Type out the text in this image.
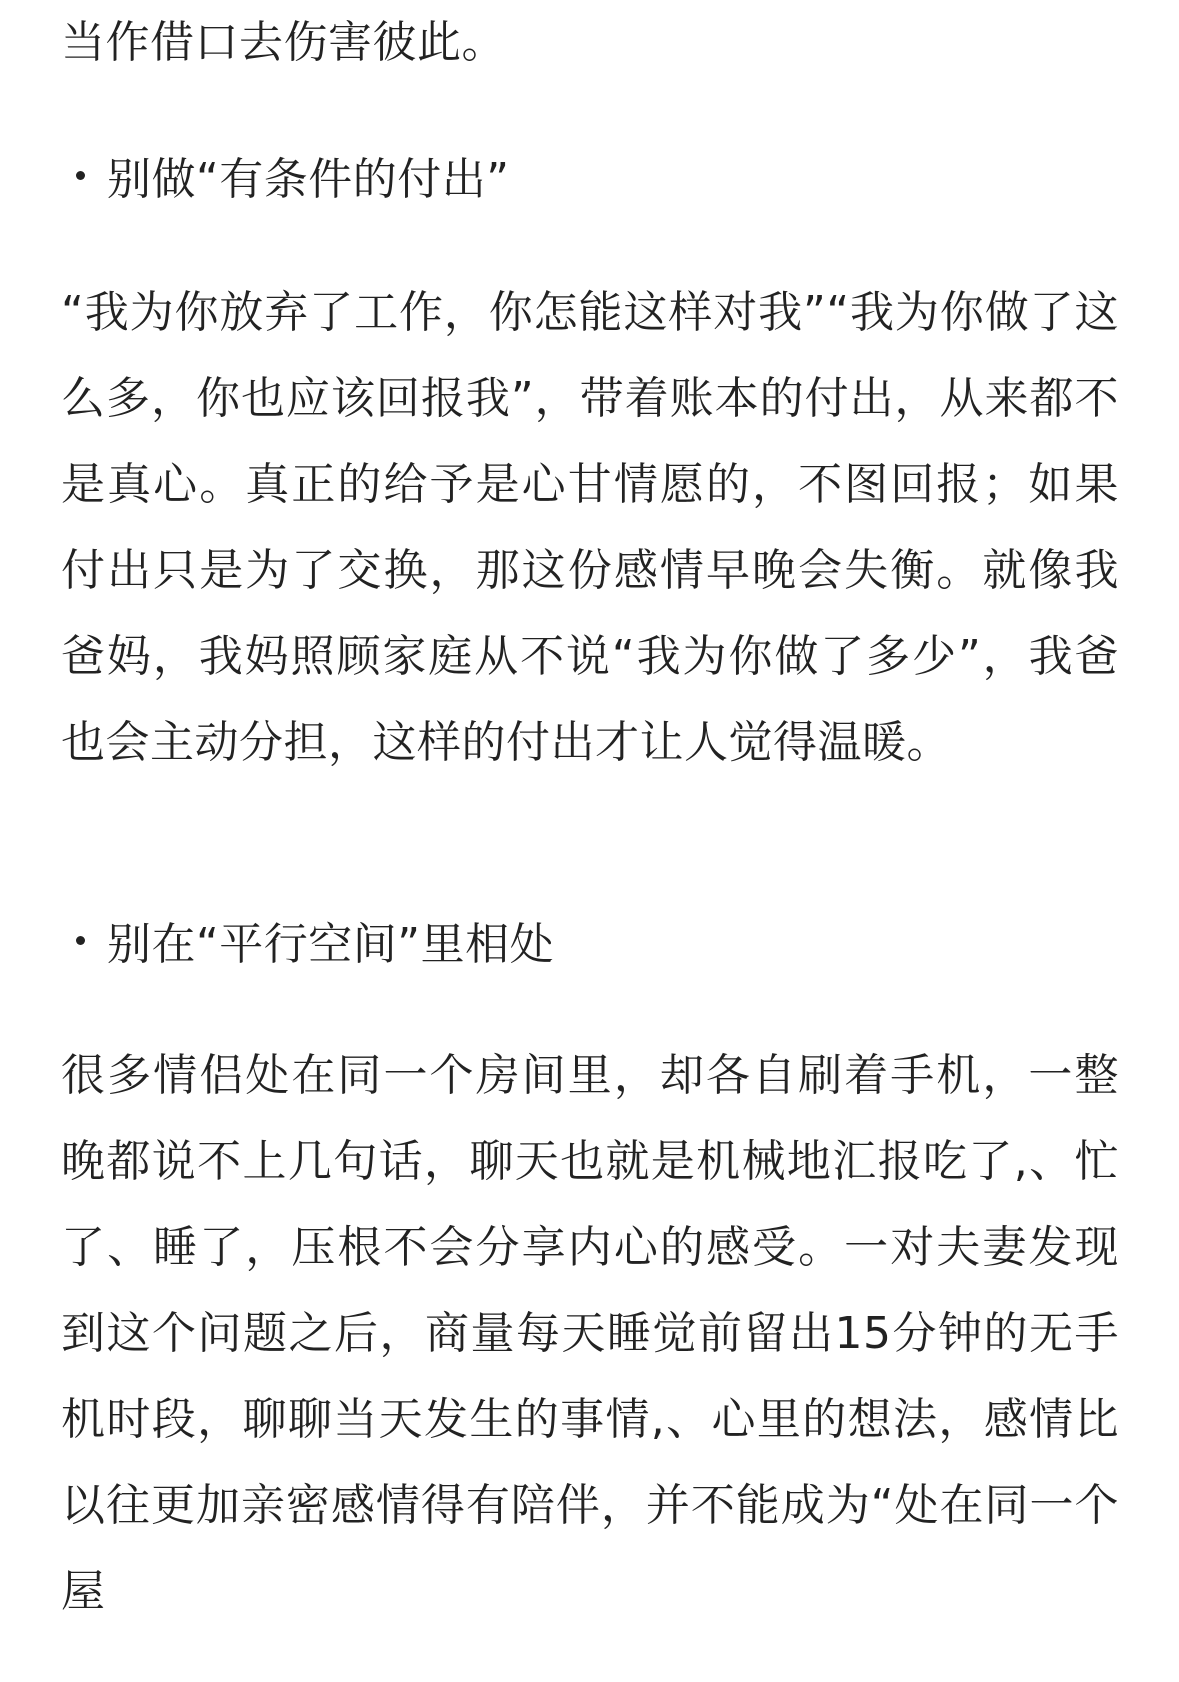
当作借口去伤害彼此。

别做“有条件的付出”

“我为你放弃了工作，你怎能这样对我”“我为你做了这么多，你也应该回报我”，带着账本的付出，从来都不是真心。真正的给予是心甘情愿的，不图回报；如果付出只是为了交换，那这份感情早晚会失衡。就像我爸妈，我妈照顾家庭从不说“我为你做了多少”，我爸也会主动分担，这样的付出才让人觉得温暖。

别在“平行空间”里相处

很多情侣处在同一个房间里，却各自刷着手机，一整晚都说不上几句话，聊天也就是机械地汇报吃了,、忙了、睡了，压根不会分享内心的感受。一对夫妻发现到这个问题之后，商量每天睡觉前留出15分钟的无手机时段，聊聊当天发生的事情,、心里的想法，感情比以往更加亲密感情得有陪伴，并不能成为“处在同一个屋
